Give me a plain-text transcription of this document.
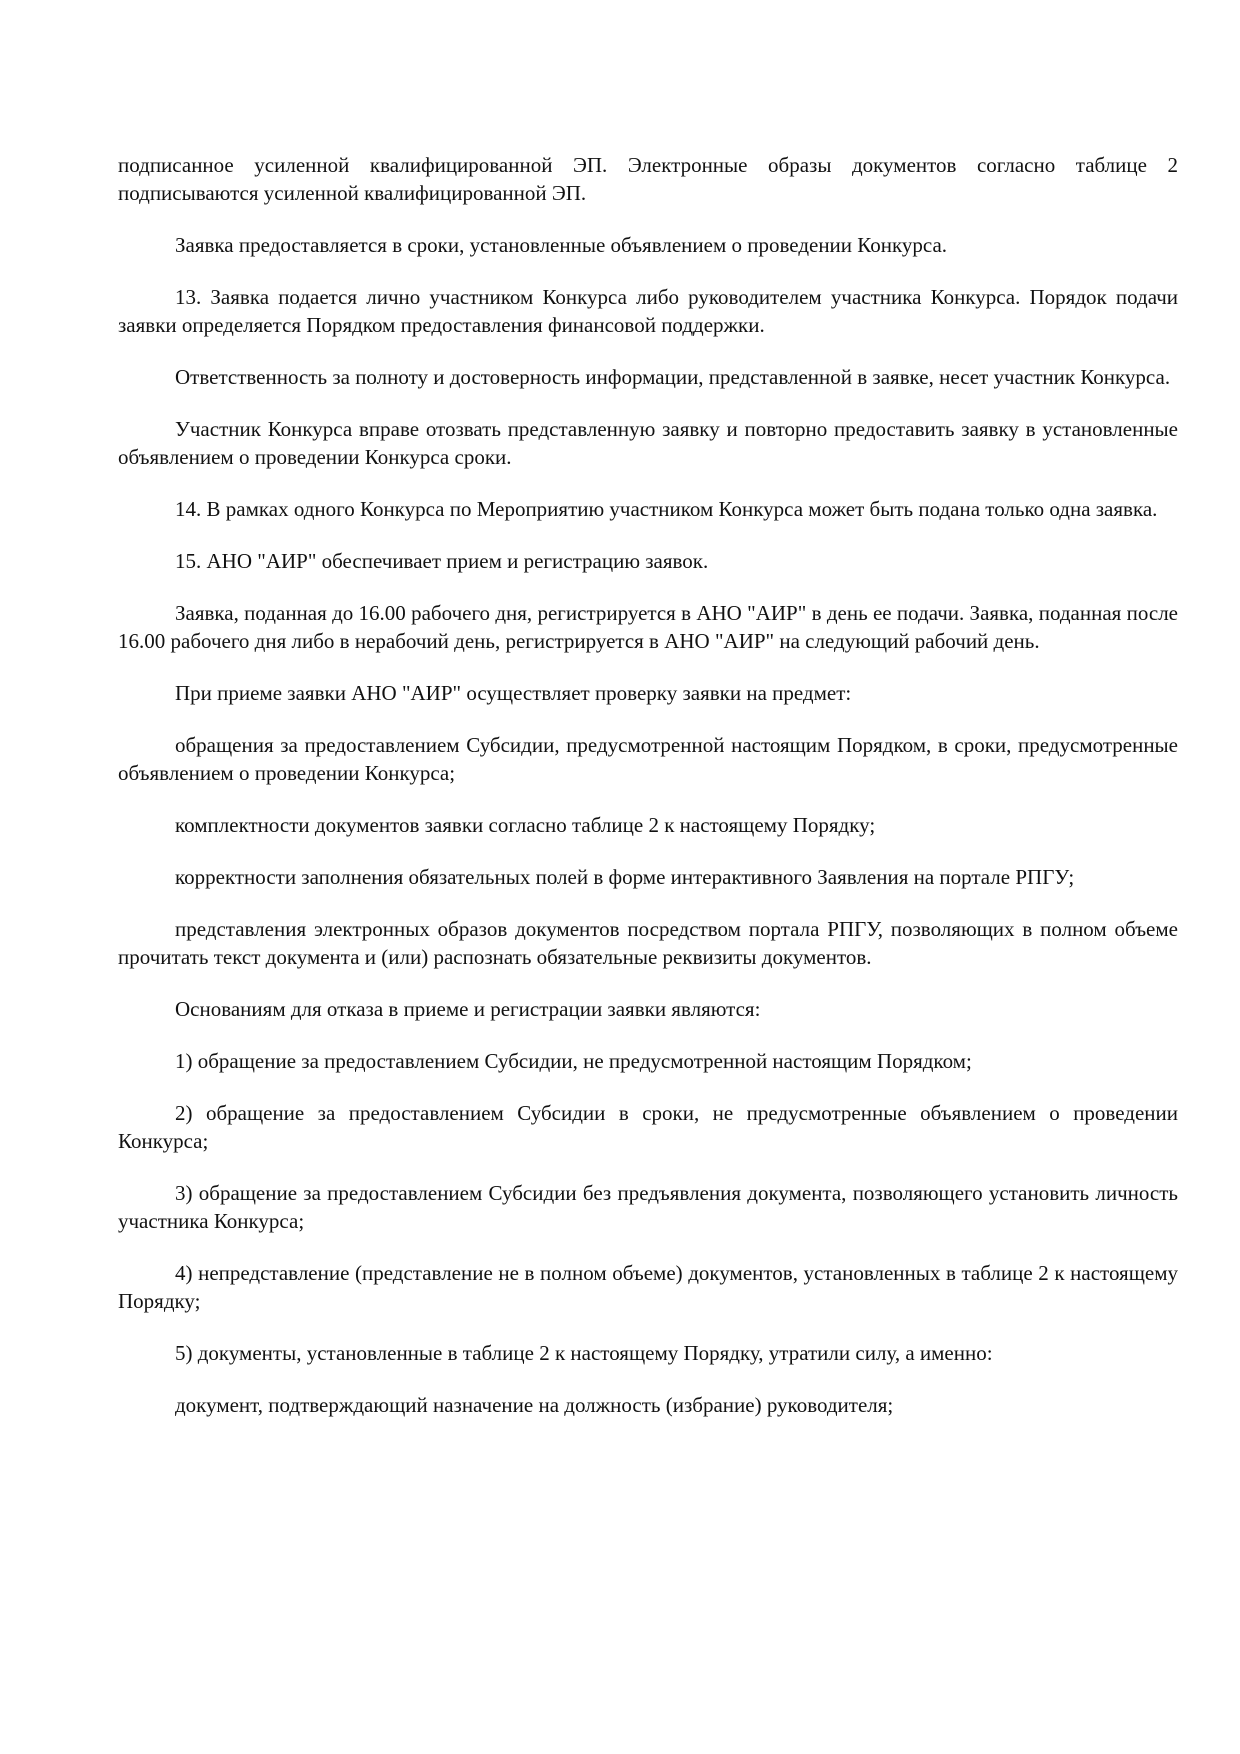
подписанное усиленной квалифицированной ЭП. Электронные образы документов согласно таблице 2 подписываются усиленной квалифицированной ЭП.

Заявка предоставляется в сроки, установленные объявлением о проведении Конкурса.

13. Заявка подается лично участником Конкурса либо руководителем участника Конкурса. Порядок подачи заявки определяется Порядком предоставления финансовой поддержки.

Ответственность за полноту и достоверность информации, представленной в заявке, несет участник Конкурса.

Участник Конкурса вправе отозвать представленную заявку и повторно предоставить заявку в установленные объявлением о проведении Конкурса сроки.

14. В рамках одного Конкурса по Мероприятию участником Конкурса может быть подана только одна заявка.

15. АНО "АИР" обеспечивает прием и регистрацию заявок.

Заявка, поданная до 16.00 рабочего дня, регистрируется в АНО "АИР" в день ее подачи. Заявка, поданная после 16.00 рабочего дня либо в нерабочий день, регистрируется в АНО "АИР" на следующий рабочий день.

При приеме заявки АНО "АИР" осуществляет проверку заявки на предмет:

обращения за предоставлением Субсидии, предусмотренной настоящим Порядком, в сроки, предусмотренные объявлением о проведении Конкурса;

комплектности документов заявки согласно таблице 2 к настоящему Порядку;

корректности заполнения обязательных полей в форме интерактивного Заявления на портале РПГУ;

представления электронных образов документов посредством портала РПГУ, позволяющих в полном объеме прочитать текст документа и (или) распознать обязательные реквизиты документов.

Основаниям для отказа в приеме и регистрации заявки являются:

1) обращение за предоставлением Субсидии, не предусмотренной настоящим Порядком;

2) обращение за предоставлением Субсидии в сроки, не предусмотренные объявлением о проведении Конкурса;

3) обращение за предоставлением Субсидии без предъявления документа, позволяющего установить личность участника Конкурса;

4) непредставление (представление не в полном объеме) документов, установленных в таблице 2 к настоящему Порядку;

5) документы, установленные в таблице 2 к настоящему Порядку, утратили силу, а именно:

документ, подтверждающий назначение на должность (избрание) руководителя;
